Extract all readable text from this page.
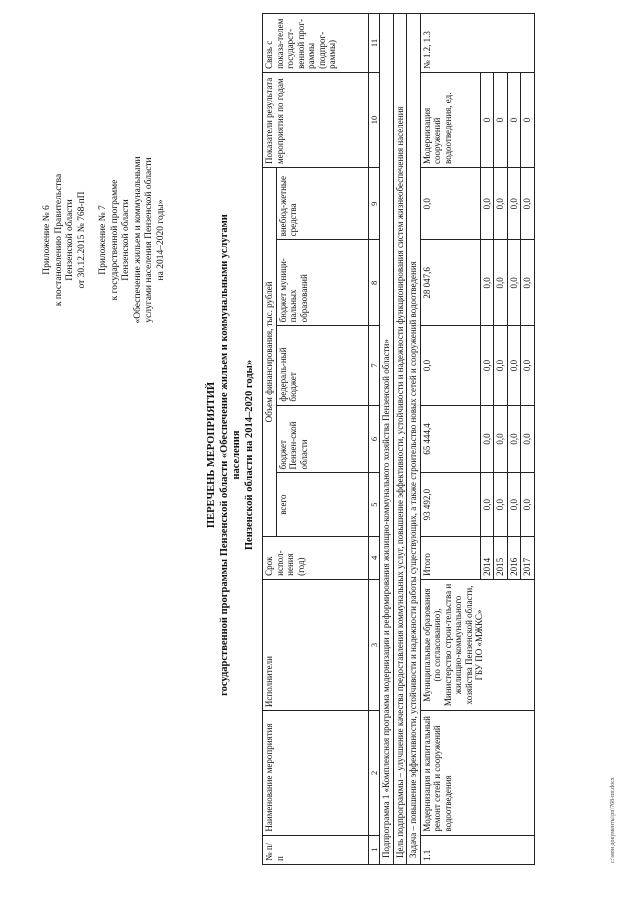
Приложение № 6 к постановлению Правительства Пензенской области от 30.12.2015 № 768-пП Приложение № 7 к государственной программе Пензенской области «Обеспечение жильем и коммунальными услугами населения Пензенской области на 2014–2020 годы»
ПЕРЕЧЕНЬ МЕРОПРИЯТИЙ государственной программы Пензенской области «Обеспечение жильем и коммунальными услугами населения Пензенской области на 2014–2020 годы»
№ п/п	Наименование мероприятия	Исполнители	Срок испол-нения (год)	Объем финансирования, тыс. рублей					Показатели результата мероприятия по годам	Связь с показа-телем государст-венной прог-раммы (подпрог-раммы)
				всего	бюджет Пензен-ской области	федераль-ный бюджет	бюджет муници-пальных образований	внебюд-жетные средства		
1	2	3	4	5	6	7	8	9	10	11
Подпрограмма 1 «Комплексная программа модернизации и реформирования жилищно-коммунального хозяйства Пензенской области»										
Цель подпрограммы – улучшение качества предоставления коммунальных услуг, повышение эффективности, устойчивости и надежности функционирования систем жизнеобеспечения населения										
Задача – повышение эффективности, устойчивости и надежности работы существующих, а также строительство новых сетей и сооружений водоотведения										
1.1	Модернизация и капитальный ремонт сетей и сооружений водоотведения	Муниципальные образования (по согласованию), Министерство строи-тельства и жилищно-коммунального хозяйства Пензенской области, ГБУ ПО «МЖКС»	Итого	93 492,0	65 444,4	0,0	28 047,6	0,0	Модернизация сооружений водоотведения, ед.	№ 1.2, 1.3
			2014	0,0	0,0	0,0	0,0	0,0	0	
			2015	0,0	0,0	0,0	0,0	0,0	0	
			2016	0,0	0,0	0,0	0,0	0,0	0	
			2017	0,0	0,0	0,0	0,0	0,0	0	
c:\мои документы\рп\768-пп.docx
